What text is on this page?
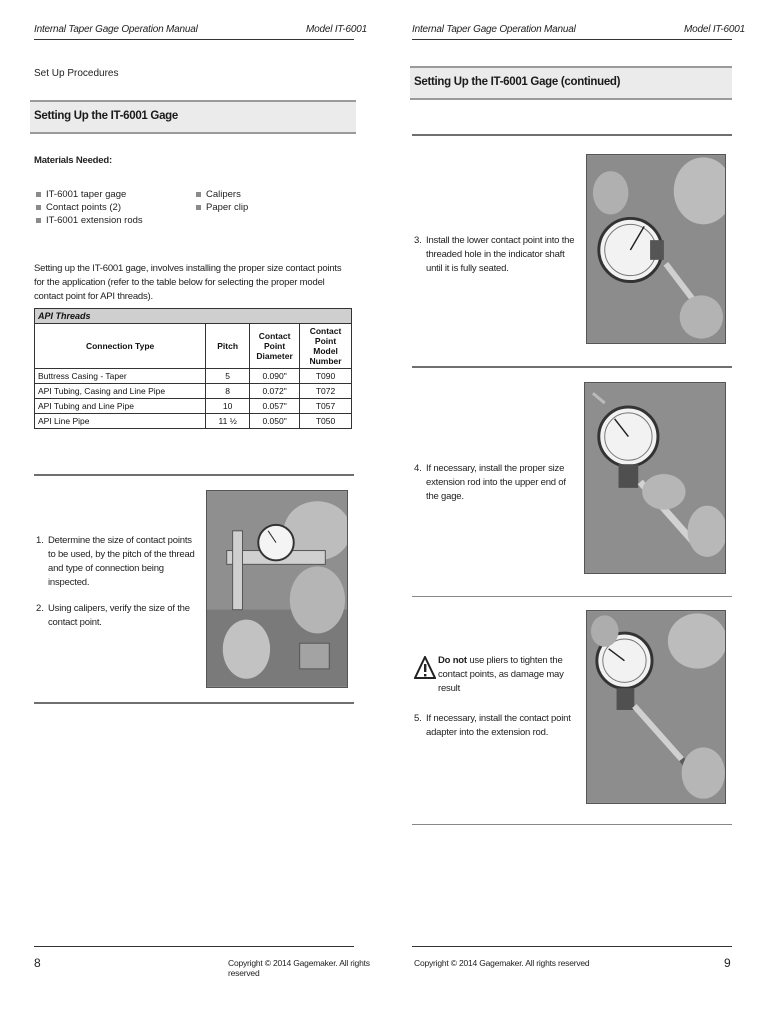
Internal Taper Gage Operation Manual	Model IT-6001
Set Up Procedures
Setting Up the IT-6001 Gage
Materials Needed:
IT-6001 taper gage
Contact points (2)
IT-6001 extension rods
Calipers
Paper clip
Setting up the IT-6001 gage, involves installing the proper size contact points for the application (refer to the table below for selecting the proper model contact point for API threads).
API Threads			
Connection Type	Pitch	Contact Point Diameter	Contact Point Model Number
Buttress Casing - Taper	5	0.090"	T090
API Tubing, Casing and Line Pipe	8	0.072"	T072
API Tubing and Line Pipe	10	0.057"	T057
API Line Pipe	11 ½	0.050"	T050
1. Determine the size of contact points to be used, by the pitch of the thread and type of connection being inspected.
2. Using calipers, verify the size of the contact point.
8	Copyright © 2014 Gagemaker. All rights reserved
Internal Taper Gage Operation Manual	Model IT-6001
Setting Up the IT-6001 Gage (continued)
3. Install the lower contact point into the threaded hole in the indicator shaft until it is fully seated.
4. If necessary, install the proper size extension rod into the upper end of the gage.
Do not use pliers to tighten the contact points, as damage may result
5. If necessary, install the contact point adapter into the extension rod.
Copyright © 2014 Gagemaker. All rights reserved	9
